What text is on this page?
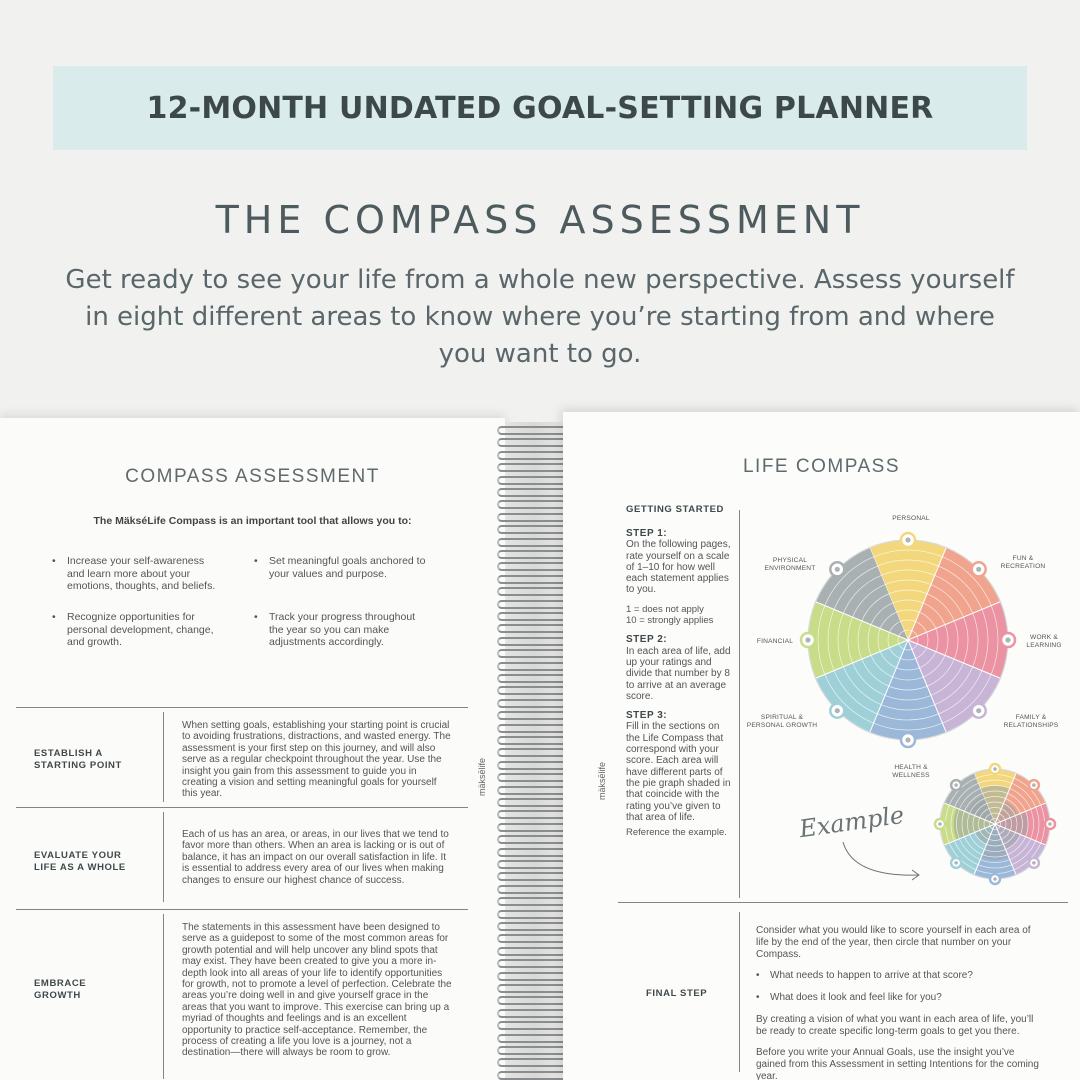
12-MONTH UNDATED GOAL-SETTING PLANNER
THE COMPASS ASSESSMENT

Get ready to see your life from a whole new perspective. Assess yourself in eight different areas to know where you’re starting from and where you want to go.

COMPASS ASSESSMENT
The MäkséLife Compass is an important tool that allows you to:
• Increase your self-awareness and learn more about your emotions, thoughts, and beliefs.
• Set meaningful goals anchored to your values and purpose.
• Recognize opportunities for personal development, change, and growth.
• Track your progress throughout the year so you can make adjustments accordingly.
ESTABLISH A STARTING POINT
When setting goals, establishing your starting point is crucial to avoiding frustrations, distractions, and wasted energy. The assessment is your first step on this journey, and will also serve as a regular checkpoint throughout the year. Use the insight you gain from this assessment to guide you in creating a vision and setting meaningful goals for yourself this year.
EVALUATE YOUR LIFE AS A WHOLE
Each of us has an area, or areas, in our lives that we tend to favor more than others. When an area is lacking or is out of balance, it has an impact on our overall satisfaction in life. It is essential to address every area of our lives when making changes to ensure our highest chance of success.
EMBRACE GROWTH
The statements in this assessment have been designed to serve as a guidepost to some of the most common areas for growth potential and will help uncover any blind spots that may exist. They have been created to give you a more in-depth look into all areas of your life to identify opportunities for growth, not to promote a level of perfection. Celebrate the areas you’re doing well in and give yourself grace in the areas that you want to improve. This exercise can bring up a myriad of thoughts and feelings and is an excellent opportunity to practice self-acceptance. Remember, the process of creating a life you love is a journey, not a destination—there will always be room to grow.
mäksēlife	mäksēlife
LIFE COMPASS
GETTING STARTED

STEP 1:
On the following pages, rate yourself on a scale of 1–10 for how well each statement applies to you.

1 = does not apply

10 = strongly applies

STEP 2:
In each area of life, add up your ratings and divide that number by 8 to arrive at an average score.

STEP 3:
Fill in the sections on the Life Compass that correspond with your score. Each area will have different parts of the pie graph shaded in that coincide with the rating you’ve given to that area of life.

Reference the example.

PERSONAL
FUN &
RECREATION
WORK &
LEARNING
FAMILY &
RELATIONSHIPS
HEALTH &
WELLNESS
SPIRITUAL &
PERSONAL GROWTH
FINANCIAL
PHYSICAL
ENVIRONMENT
Example
FINAL STEP

Consider what you would like to score yourself in each area of life by the end of the year, then circle that number on your Compass.

• What needs to happen to arrive at that score?
• What does it look and feel like for you?

By creating a vision of what you want in each area of life, you’ll be ready to create specific long-term goals to get you there.

Before you write your Annual Goals, use the insight you’ve gained from this Assessment in setting Intentions for the coming year.
